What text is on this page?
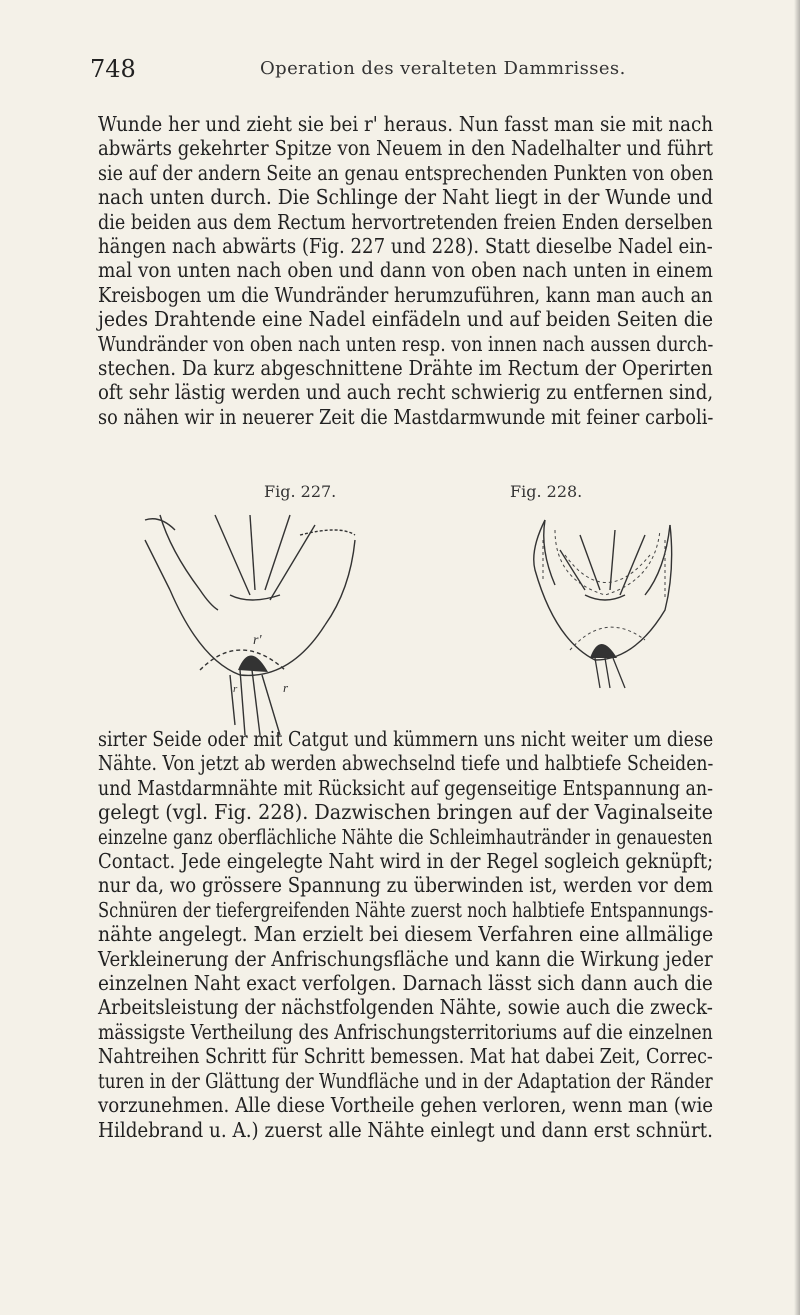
748	Operation des veralteten Dammrisses.

Wunde her und zieht sie bei r' heraus. Nun fasst man sie mit nach
abwärts gekehrter Spitze von Neuem in den Nadelhalter und führt
sie auf der andern Seite an genau entsprechenden Punkten von oben
nach unten durch. Die Schlinge der Naht liegt in der Wunde und
die beiden aus dem Rectum hervortretenden freien Enden derselben
hängen nach abwärts (Fig. 227 und 228). Statt dieselbe Nadel ein-
mal von unten nach oben und dann von oben nach unten in einem
Kreisbogen um die Wundränder herumzuführen, kann man auch an
jedes Drahtende eine Nadel einfädeln und auf beiden Seiten die
Wundränder von oben nach unten resp. von innen nach aussen durch-
stechen. Da kurz abgeschnittene Drähte im Rectum der Operirten
oft sehr lästig werden und auch recht schwierig zu entfernen sind,
so nähen wir in neuerer Zeit die Mastdarmwunde mit feiner carboli-

Fig. 227.	Fig. 228.
r'
r
r

sirter Seide oder mit Catgut und kümmern uns nicht weiter um diese
Nähte. Von jetzt ab werden abwechselnd tiefe und halbtiefe Scheiden-
und Mastdarmnähte mit Rücksicht auf gegenseitige Entspannung an-
gelegt (vgl. Fig. 228). Dazwischen bringen auf der Vaginalseite
einzelne ganz oberflächliche Nähte die Schleimhautränder in genauesten
Contact. Jede eingelegte Naht wird in der Regel sogleich geknüpft;
nur da, wo grössere Spannung zu überwinden ist, werden vor dem
Schnüren der tiefergreifenden Nähte zuerst noch halbtiefe Entspannungs-
nähte angelegt. Man erzielt bei diesem Verfahren eine allmälige
Verkleinerung der Anfrischungsfläche und kann die Wirkung jeder
einzelnen Naht exact verfolgen. Darnach lässt sich dann auch die
Arbeitsleistung der nächstfolgenden Nähte, sowie auch die zweck-
mässigste Vertheilung des Anfrischungsterritoriums auf die einzelnen
Nahtreihen Schritt für Schritt bemessen. Mat hat dabei Zeit, Correc-
turen in der Glättung der Wundfläche und in der Adaptation der Ränder
vorzunehmen. Alle diese Vortheile gehen verloren, wenn man (wie
Hildebrand u. A.) zuerst alle Nähte einlegt und dann erst schnürt.
